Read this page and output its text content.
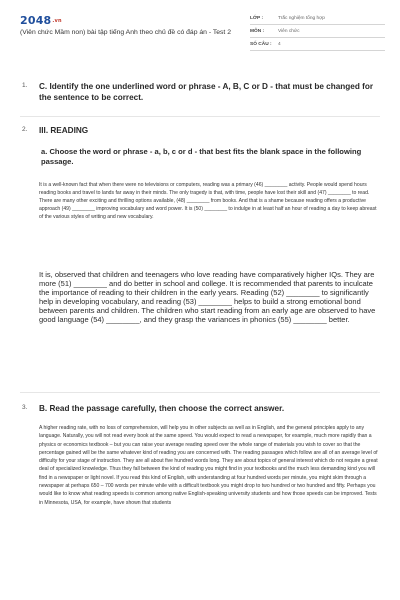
2048.vn
(Viên chức Mầm non) bài tập tiếng Anh theo chủ đề có đáp án - Test 2
LỚP :	Trắc nghiệm tổng hợp
MÔN :	Viên chức
SỐ CÂU :	4
1. C. Identify the one underlined word or phrase - A, B, C or D - that must be changed for the sentence to be correct.
2. III. READING
a. Choose the word or phrase - a, b, c or d - that best fits the blank space in the following passage.
It is a well-known fact that when there were no televisions or computers, reading was a primary (46) ________ activity. People would spend hours reading books and travel to lands far away in their minds. The only tragedy is that, with time, people have lost their skill and (47) ________ to read. There are many other exciting and thrilling options available, (48) ________ from books. And that is a shame because reading offers a productive approach (49) ________ improving vocabulary and word power. It is (50) ________ to indulge in at least half an hour of reading a day to keep abreast of the various styles of writing and new vocabulary.
It is, observed that children and teenagers who love reading have comparatively higher IQs. They are more (51) ________ and do better in school and college. It is recommended that parents to inculcate the importance of reading to their children in the early years. Reading (52) ________ to significantly help in developing vocabulary, and reading (53) ________ helps to build a strong emotional bond between parents and children. The children who start reading from an early age are observed to have good language (54) ________, and they grasp the variances in phonics (55) ________ better.
3. B. Read the passage carefully, then choose the correct answer.
A higher reading rate, with no loss of comprehension, will help you in other subjects as well as in English, and the general principles apply to any language. Naturally, you will not read every book at the same speed. You would expect to read a newspaper, for example, much more rapidly than a physics or economics textbook – but you can raise your average reading speed over the whole range of materials you wish to cover so that the percentage gained will be the same whatever kind of reading you are concerned with. The reading passages which follow are all of an average level of difficulty for your stage of instruction. They are all about five hundred words long. They are about topics of general interest which do not require a great deal of specialized knowledge. Thus they fall between the kind of reading you might find in your textbooks and the much less demanding kind you will find in a newspaper or light novel. If you read this kind of English, with understanding at four hundred words per minute, you might skim through a newspaper at perhaps 650 – 700 words per minute while with a difficult textbook you might drop to two hundred or two hundred and fifty. Perhaps you would like to know what reading speeds is common among native English-speaking university students and how those speeds can be improved. Tests in Minnesota, USA, for example, have shown that students
